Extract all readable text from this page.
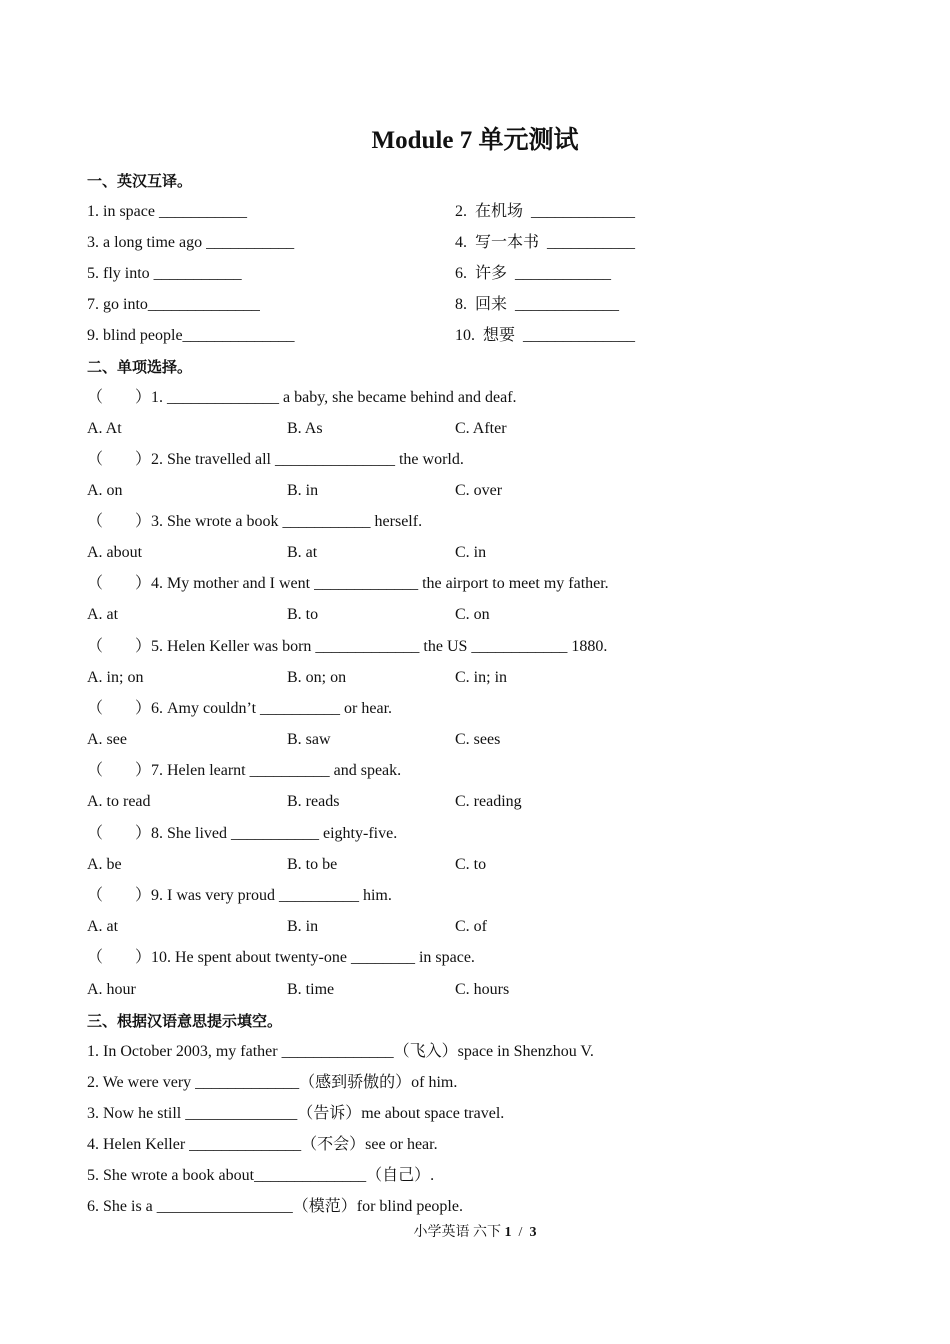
Module 7 单元测试
一、英汉互译。
1. in space ___________	2.  在机场  _____________
3. a long time ago ___________	4.  写一本书  ___________
5. fly into ___________	6.  许多  ____________
7. go into______________	8.  回来  _____________
9. blind people______________	10.  想要  ______________
二、单项选择。
（        ）1. ______________ a baby, she became behind and deaf.
A. At	B. As	C. After
（        ）2. She travelled all _______________ the world.
A. on	B. in	C. over
（        ）3. She wrote a book ___________ herself.
A. about	B. at	C. in
（        ）4. My mother and I went _____________ the airport to meet my father.
A. at	B. to	C. on
（        ）5. Helen Keller was born _____________ the US ____________ 1880.
A. in; on	B. on; on	C. in; in
（        ）6. Amy couldn’t __________ or hear.
A. see	B. saw	C. sees
（        ）7. Helen learnt __________ and speak.
A. to read	B. reads	C. reading
（        ）8. She lived ___________ eighty-five.
A. be	B. to be	C. to
（        ）9. I was very proud __________ him.
A. at	B. in	C. of
（        ）10. He spent about twenty-one ________ in space.
A. hour	B. time	C. hours
三、根据汉语意思提示填空。
1. In October 2003, my father ______________（飞入）space in Shenzhou V.
2. We were very _____________（感到骄傲的）of him.
3. Now he still ______________（告诉）me about space travel.
4. Helen Keller ______________（不会）see or hear.
5. She wrote a book about______________（自己）.
6. She is a _________________（模范）for blind people.
小学英语 六下 1  /  3
